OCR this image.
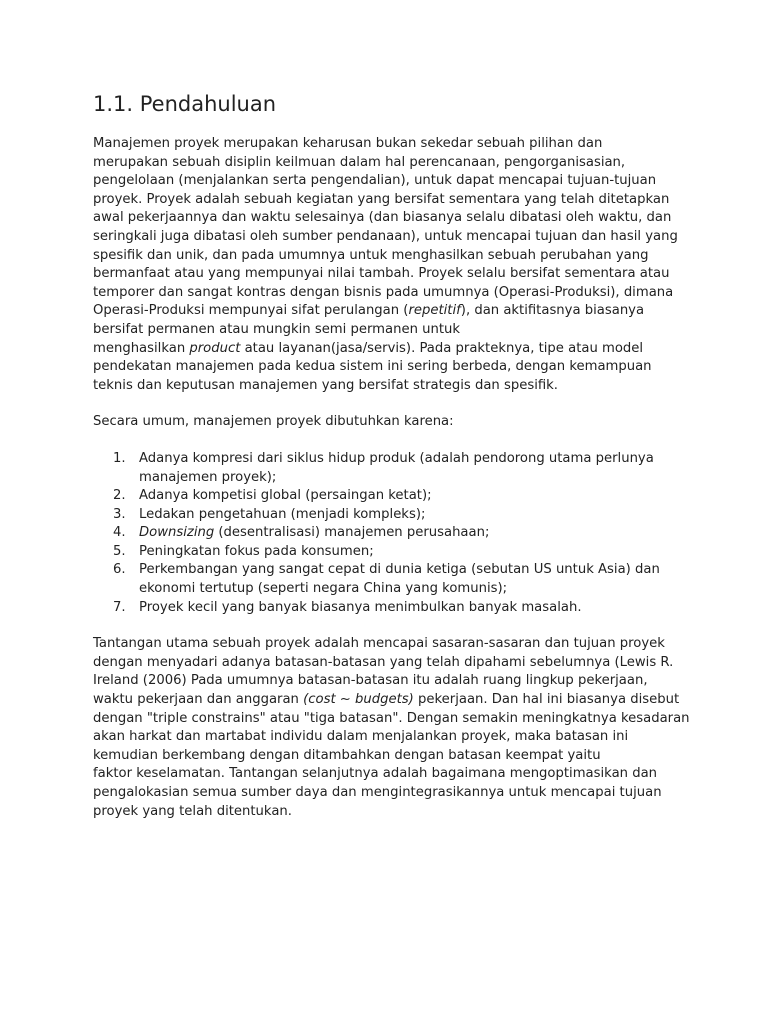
1.1. Pendahuluan

Manajemen proyek merupakan keharusan bukan sekedar sebuah pilihan dan
merupakan sebuah disiplin keilmuan dalam hal perencanaan, pengorganisasian,
pengelolaan (menjalankan serta pengendalian), untuk dapat mencapai tujuan-tujuan
proyek. Proyek adalah sebuah kegiatan yang bersifat sementara yang telah ditetapkan
awal pekerjaannya dan waktu selesainya (dan biasanya selalu dibatasi oleh waktu, dan
seringkali juga dibatasi oleh sumber pendanaan), untuk mencapai tujuan dan hasil yang
spesifik dan unik, dan pada umumnya untuk menghasilkan sebuah perubahan yang
bermanfaat atau yang mempunyai nilai tambah. Proyek selalu bersifat sementara atau
temporer dan sangat kontras dengan bisnis pada umumnya (Operasi-Produksi), dimana
Operasi-Produksi mempunyai sifat perulangan (repetitif), dan aktifitasnya biasanya
bersifat permanen atau mungkin semi permanen untuk
menghasilkan product atau layanan(jasa/servis). Pada prakteknya, tipe atau model
pendekatan manajemen pada kedua sistem ini sering berbeda, dengan kemampuan
teknis dan keputusan manajemen yang bersifat strategis dan spesifik.

Secara umum, manajemen proyek dibutuhkan karena:

1. Adanya kompresi dari siklus hidup produk (adalah pendorong utama perlunya
manajemen proyek);
2. Adanya kompetisi global (persaingan ketat);
3. Ledakan pengetahuan (menjadi kompleks);
4. Downsizing (desentralisasi) manajemen perusahaan;
5. Peningkatan fokus pada konsumen;
6. Perkembangan yang sangat cepat di dunia ketiga (sebutan US untuk Asia) dan
ekonomi tertutup (seperti negara China yang komunis);
7. Proyek kecil yang banyak biasanya menimbulkan banyak masalah.

Tantangan utama sebuah proyek adalah mencapai sasaran-sasaran dan tujuan proyek
dengan menyadari adanya batasan-batasan yang telah dipahami sebelumnya (Lewis R.
Ireland (2006) Pada umumnya batasan-batasan itu adalah ruang lingkup pekerjaan,
waktu pekerjaan dan anggaran (cost ~ budgets) pekerjaan. Dan hal ini biasanya disebut
dengan "triple constrains" atau "tiga batasan". Dengan semakin meningkatnya kesadaran
akan harkat dan martabat individu dalam menjalankan proyek, maka batasan ini
kemudian berkembang dengan ditambahkan dengan batasan keempat yaitu
faktor keselamatan. Tantangan selanjutnya adalah bagaimana mengoptimasikan dan
pengalokasian semua sumber daya dan mengintegrasikannya untuk mencapai tujuan
proyek yang telah ditentukan.
